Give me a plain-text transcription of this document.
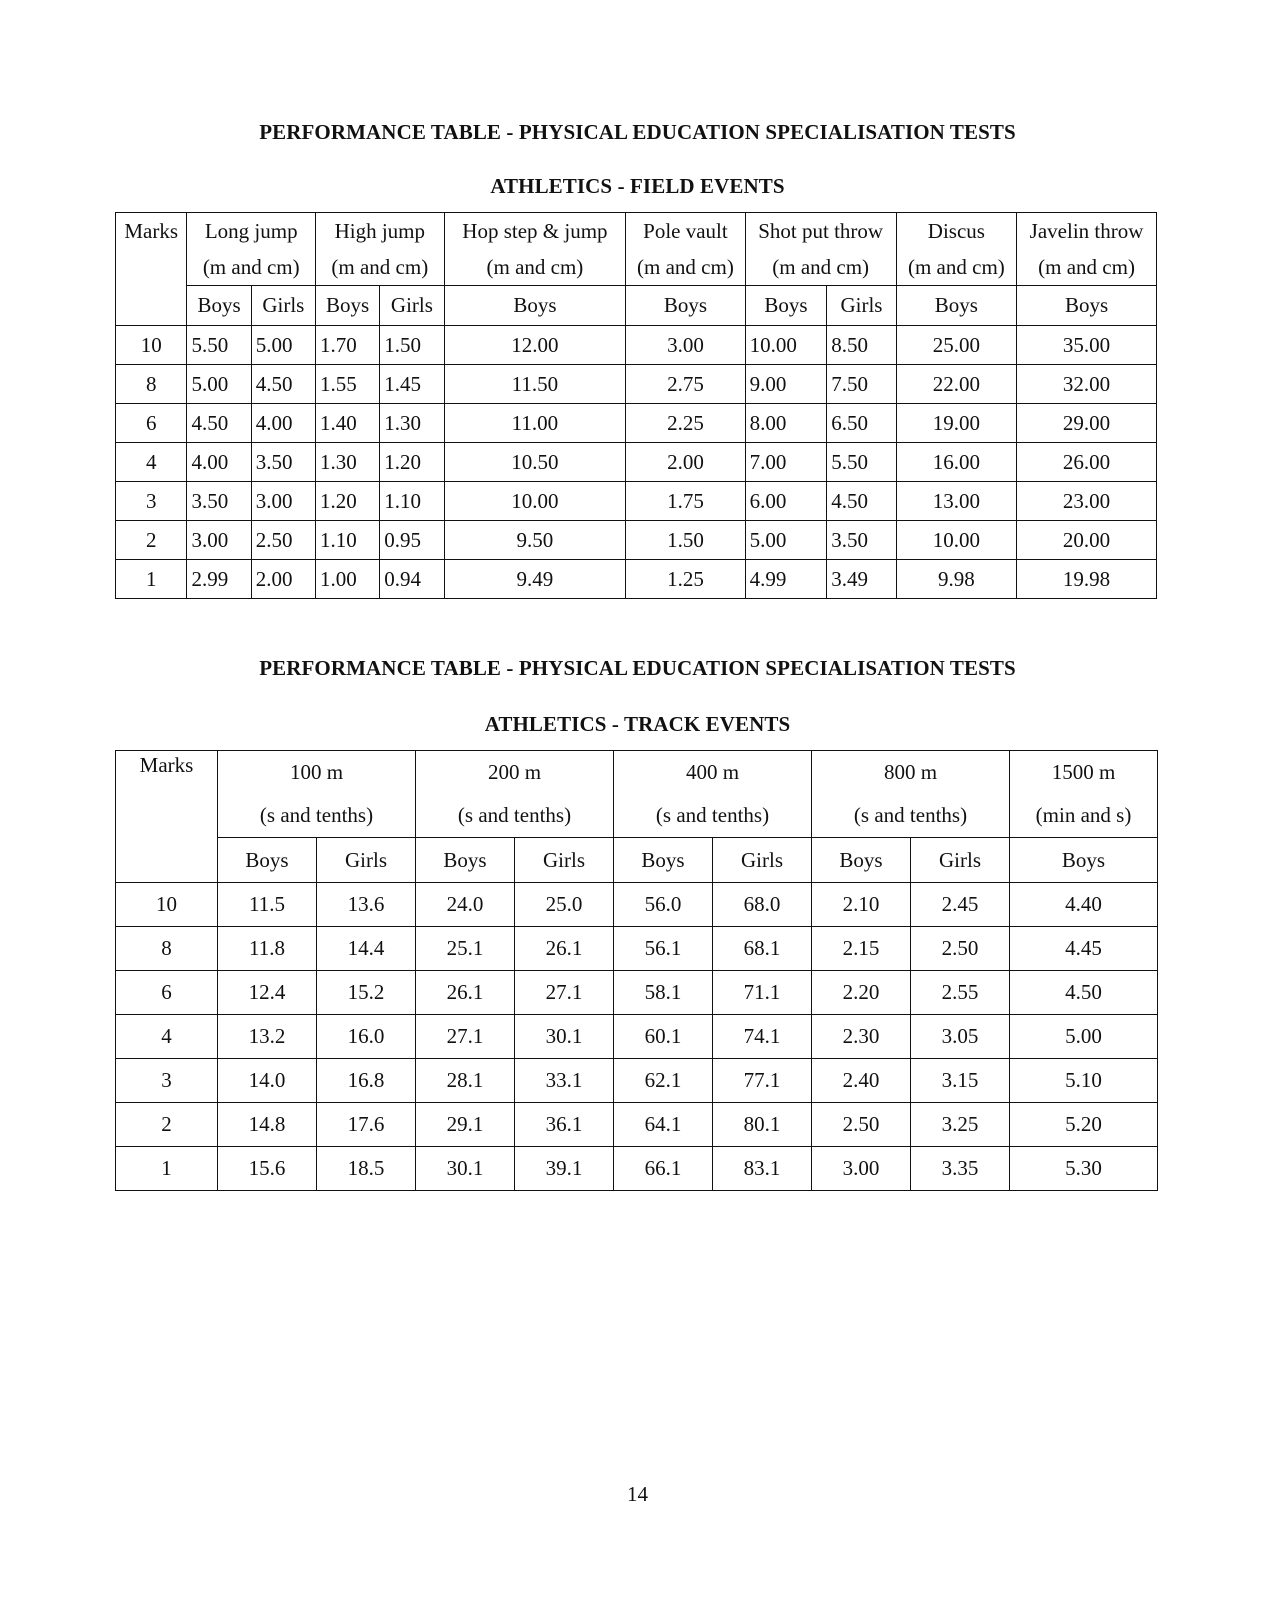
PERFORMANCE TABLE - PHYSICAL EDUCATION SPECIALISATION TESTS
ATHLETICS - FIELD EVENTS
Marks	Long jump		High jump		Hop step & jump	Pole vault	Shot put throw		Discus	Javelin throw
	(m and cm)		(m and cm)		(m and cm)	(m and cm)	(m and cm)		(m and cm)	(m and cm)
	Boys	Girls	Boys	Girls	Boys	Boys	Boys	Girls	Boys	Boys
10	5.50	5.00	1.70	1.50	12.00	3.00	10.00	8.50	25.00	35.00
8	5.00	4.50	1.55	1.45	11.50	2.75	9.00	7.50	22.00	32.00
6	4.50	4.00	1.40	1.30	11.00	2.25	8.00	6.50	19.00	29.00
4	4.00	3.50	1.30	1.20	10.50	2.00	7.00	5.50	16.00	26.00
3	3.50	3.00	1.20	1.10	10.00	1.75	6.00	4.50	13.00	23.00
2	3.00	2.50	1.10	0.95	9.50	1.50	5.00	3.50	10.00	20.00
1	2.99	2.00	1.00	0.94	9.49	1.25	4.99	3.49	9.98	19.98
PERFORMANCE TABLE - PHYSICAL EDUCATION SPECIALISATION TESTS
ATHLETICS - TRACK EVENTS
Marks	100 m		200 m		400 m		800 m		1500 m
	(s and tenths)		(s and tenths)		(s and tenths)		(s and tenths)		(min and s)
	Boys	Girls	Boys	Girls	Boys	Girls	Boys	Girls	Boys
10	11.5	13.6	24.0	25.0	56.0	68.0	2.10	2.45	4.40
8	11.8	14.4	25.1	26.1	56.1	68.1	2.15	2.50	4.45
6	12.4	15.2	26.1	27.1	58.1	71.1	2.20	2.55	4.50
4	13.2	16.0	27.1	30.1	60.1	74.1	2.30	3.05	5.00
3	14.0	16.8	28.1	33.1	62.1	77.1	2.40	3.15	5.10
2	14.8	17.6	29.1	36.1	64.1	80.1	2.50	3.25	5.20
1	15.6	18.5	30.1	39.1	66.1	83.1	3.00	3.35	5.30
14
